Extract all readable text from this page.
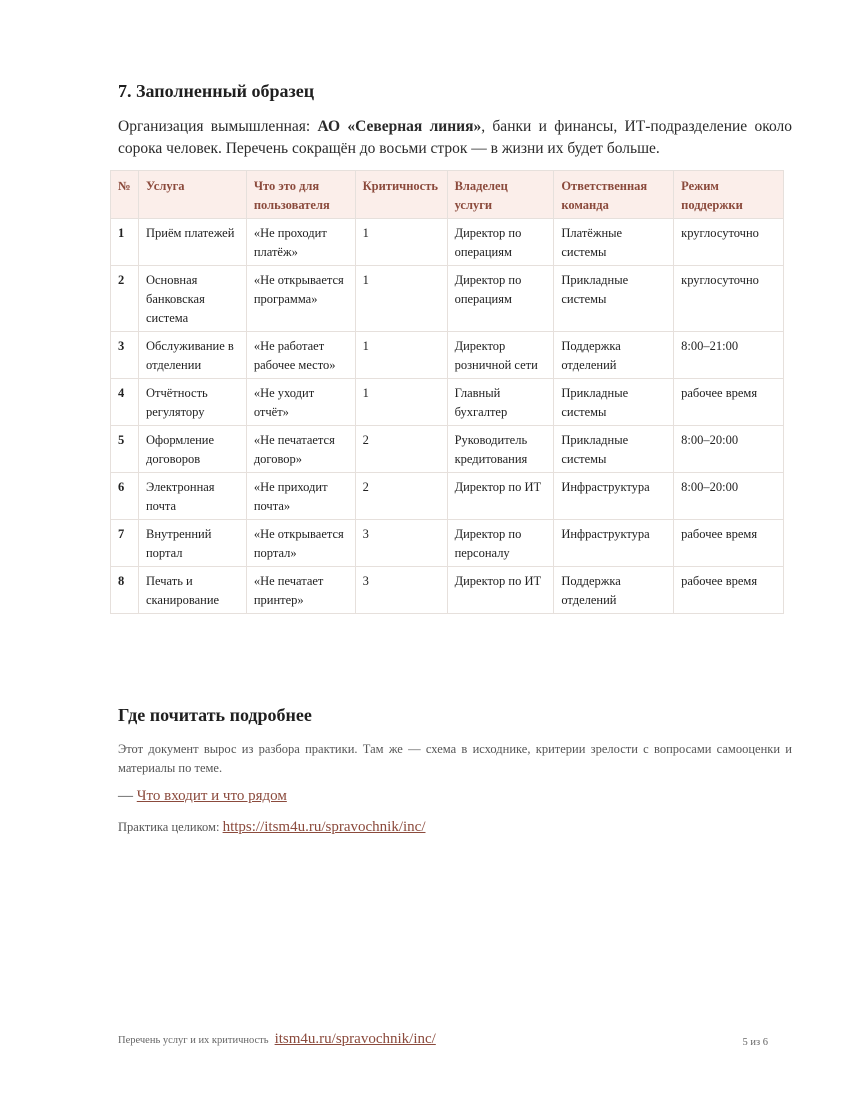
7. Заполненный образец
Организация вымышленная: АО «Северная линия», банки и финансы, ИТ-подразделение около сорока человек. Перечень сокращён до восьми строк — в жизни их будет больше.
№	Услуга	Что это для пользователя	Критичность	Владелец услуги	Ответственная команда	Режим поддержки
1	Приём платежей	«Не проходит платёж»	1	Директор по операциям	Платёжные системы	круглосуточно
2	Основная банковская система	«Не открывается программа»	1	Директор по операциям	Прикладные системы	круглосуточно
3	Обслуживание в отделении	«Не работает рабочее место»	1	Директор розничной сети	Поддержка отделений	8:00–21:00
4	Отчётность регулятору	«Не уходит отчёт»	1	Главный бухгалтер	Прикладные системы	рабочее время
5	Оформление договоров	«Не печатается договор»	2	Руководитель кредитования	Прикладные системы	8:00–20:00
6	Электронная почта	«Не приходит почта»	2	Директор по ИТ	Инфраструктура	8:00–20:00
7	Внутренний портал	«Не открывается портал»	3	Директор по персоналу	Инфраструктура	рабочее время
8	Печать и сканирование	«Не печатает принтер»	3	Директор по ИТ	Поддержка отделений	рабочее время
Где почитать подробнее
Этот документ вырос из разбора практики. Там же — схема в исходнике, критерии зрелости с вопросами самооценки и материалы по теме.
— Что входит и что рядом
Практика целиком: https://itsm4u.ru/spravochnik/inc/
Перечень услуг и их критичность itsm4u.ru/spravochnik/inc/	5 из 6
